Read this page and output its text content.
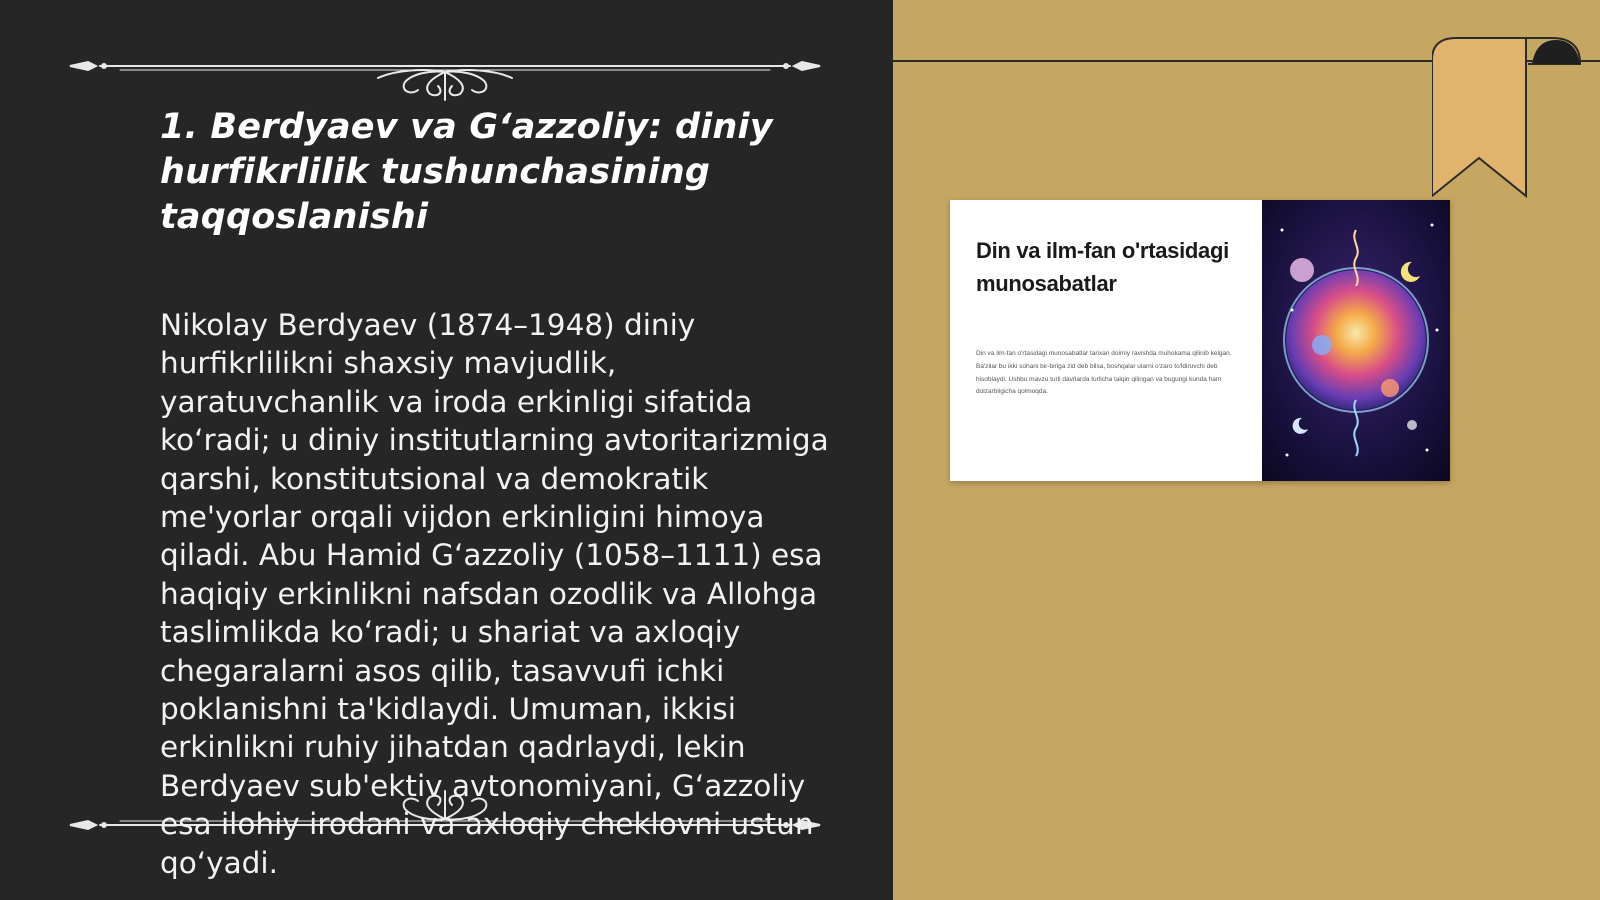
1. Berdyaev va G‘azzoliy: diniy hurfikrlilik tushunchasining taqqoslanishi

Nikolay Berdyaev (1874–1948) diniy hurfikrlilikni shaxsiy mavjudlik, yaratuvchanlik va iroda erkinligi sifatida ko‘radi; u diniy institutlarning avtoritarizmiga qarshi, konstitutsional va demokratik me'yorlar orqali vijdon erkinligini himoya qiladi. Abu Hamid G‘azzoliy (1058–1111) esa haqiqiy erkinlikni nafsdan ozodlik va Allohga taslimlikda ko‘radi; u shariat va axloqiy chegaralarni asos qilib, tasavvufi ichki poklanishni ta'kidlaydi. Umuman, ikkisi erkinlikni ruhiy jihatdan qadrlaydi, lekin Berdyaev sub'ektiv avtonomiyani, G‘azzoliy esa ilohiy irodani va axloqiy cheklovni ustun qo‘yadi.

Din va ilm-fan o'rtasidagi munosabatlar

Din va ilm-fan o'rtasidagi munosabatlar tarixan doimiy ravishda muhokama qilinib kelgan. Ba'zilar bu ikki sohani bir-biriga zid deb bilsa, boshqalar ularni o'zaro to'ldiruvchi deb hisoblaydi. Ushbu mavzu turli davrlarda turlicha talqin qilingan va bugungi kunda ham dolzarbligicha qolmoqda.
